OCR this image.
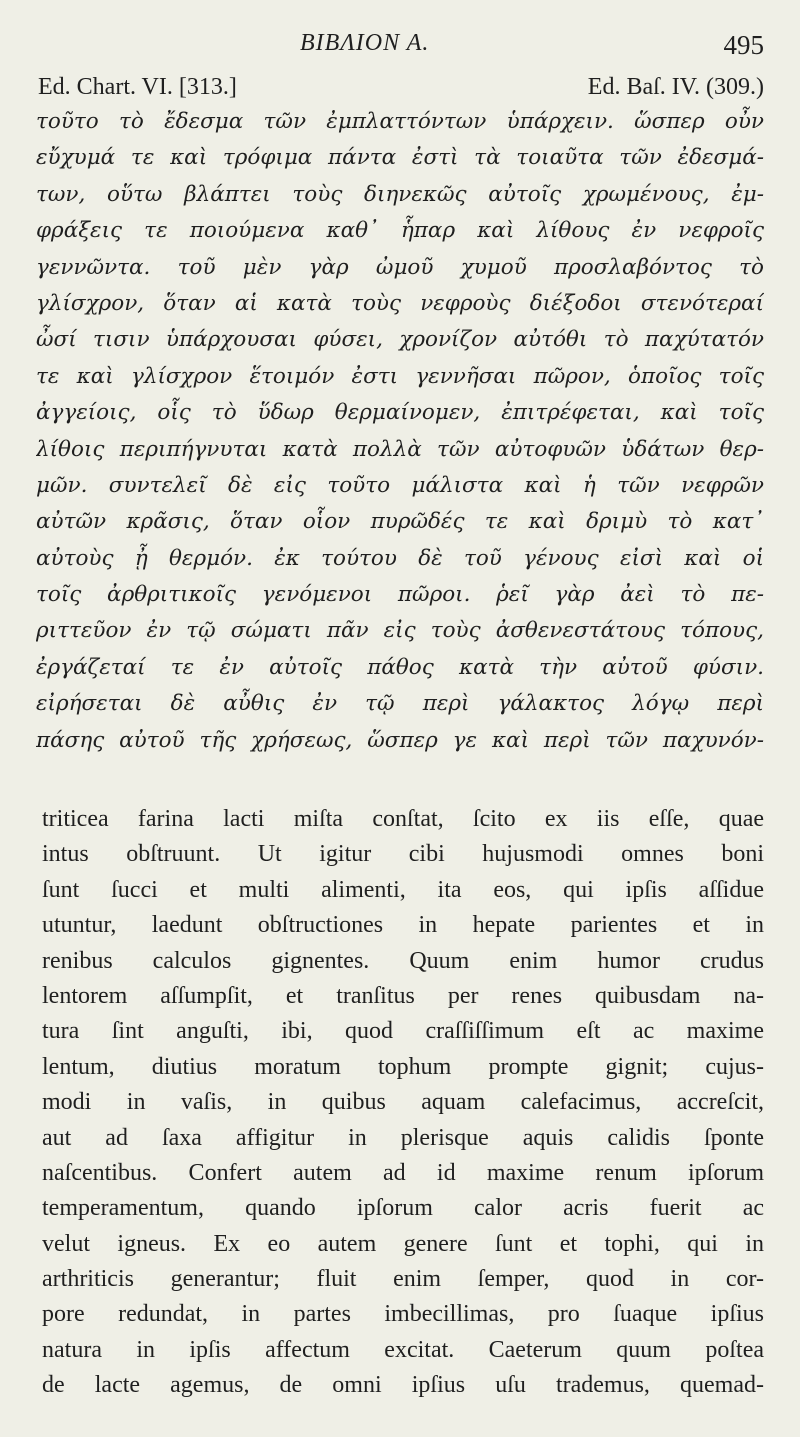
BIBΛION A.	495
Ed. Chart. VI. [313.]	Ed. Baſ. IV. (309.)
τοῦτο τὸ ἔδεσμα τῶν ἐμπλαττόντων ὑπάρχειν. ὥσπερ οὖν
εὔχυμά τε καὶ τρόφιμα πάντα ἐστὶ τὰ τοιαῦτα τῶν ἐδεσμά-
των, οὕτω βλάπτει τοὺς διηνεκῶς αὐτοῖς χρωμένους, ἐμ-
φράξεις τε ποιούμενα καθ᾽ ἧπαρ καὶ λίθους ἐν νεφροῖς
γεννῶντα. τοῦ μὲν γὰρ ὠμοῦ χυμοῦ προσλαβόντος τὸ
γλίσχρον, ὅταν αἱ κατὰ τοὺς νεφροὺς διέξοδοι στενότεραί
ὦσί τισιν ὑπάρχουσαι φύσει, χρονίζον αὐτόθι τὸ παχύτατόν
τε καὶ γλίσχρον ἕτοιμόν ἐστι γεννῆσαι πῶρον, ὁποῖος τοῖς
ἀγγείοις, οἷς τὸ ὕδωρ θερμαίνομεν, ἐπιτρέφεται, καὶ τοῖς
λίθοις περιπήγνυται κατὰ πολλὰ τῶν αὐτοφυῶν ὑδάτων θερ-
μῶν. συντελεῖ δὲ εἰς τοῦτο μάλιστα καὶ ἡ τῶν νεφρῶν
αὐτῶν κρᾶσις, ὅταν οἷον πυρῶδές τε καὶ δριμὺ τὸ κατ᾽
αὐτοὺς ᾖ θερμόν. ἐκ τούτου δὲ τοῦ γένους εἰσὶ καὶ οἱ
τοῖς ἀρθριτικοῖς γενόμενοι πῶροι. ῥεῖ γὰρ ἀεὶ τὸ πε-
ριττεῦον ἐν τῷ σώματι πᾶν εἰς τοὺς ἀσθενεστάτους τόπους,
ἐργάζεταί τε ἐν αὐτοῖς πάθος κατὰ τὴν αὐτοῦ φύσιν.
εἰρήσεται δὲ αὖθις ἐν τῷ περὶ γάλακτος λόγῳ περὶ
πάσης αὐτοῦ τῆς χρήσεως, ὥσπερ γε καὶ περὶ τῶν παχυνόν-
triticea farina lacti miſta conſtat, ſcito ex iis eſſe, quae
intus obſtruunt. Ut igitur cibi hujusmodi omnes boni
ſunt ſucci et multi alimenti, ita eos, qui ipſis aſſidue
utuntur, laedunt obſtructiones in hepate parientes et in
renibus calculos gignentes. Quum enim humor crudus
lentorem aſſumpſit, et tranſitus per renes quibusdam na-
tura ſint anguſti, ibi, quod craſſiſſimum eſt ac maxime
lentum, diutius moratum tophum prompte gignit; cujus-
modi in vaſis, in quibus aquam calefacimus, accreſcit,
aut ad ſaxa affigitur in plerisque aquis calidis ſponte
naſcentibus. Confert autem ad id maxime renum ipſorum
temperamentum, quando ipſorum calor acris fuerit ac
velut igneus. Ex eo autem genere ſunt et tophi, qui in
arthriticis generantur; fluit enim ſemper, quod in cor-
pore redundat, in partes imbecillimas, pro ſuaque ipſius
natura in ipſis affectum excitat. Caeterum quum poſtea
de lacte agemus, de omni ipſius uſu trademus, quemad-
